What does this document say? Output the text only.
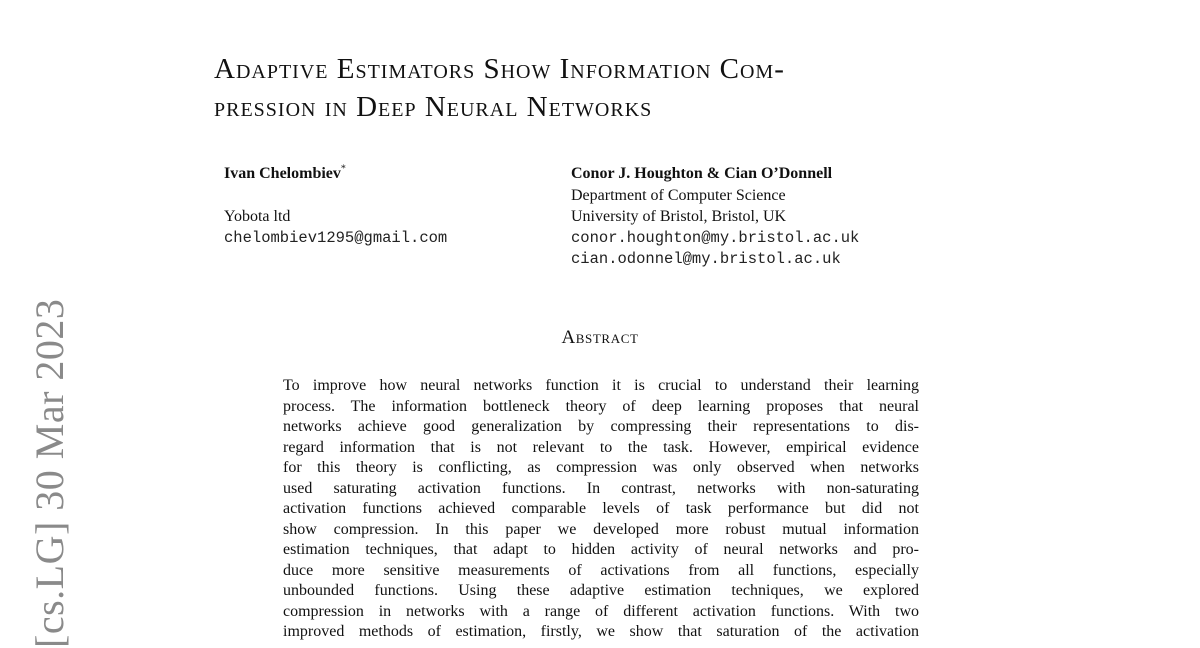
[cs.LG] 30 Mar 2023
Adaptive Estimators Show Information Com-
pression in Deep Neural Networks
Ivan Chelombiev*
Yobota ltd
chelombiev1295@gmail.com
Conor J. Houghton & Cian O’Donnell
Department of Computer Science
University of Bristol, Bristol, UK
conor.houghton@my.bristol.ac.uk
cian.odonnel@my.bristol.ac.uk
Abstract
To improve how neural networks function it is crucial to understand their learning
process. The information bottleneck theory of deep learning proposes that neural
networks achieve good generalization by compressing their representations to dis-
regard information that is not relevant to the task. However, empirical evidence
for this theory is conflicting, as compression was only observed when networks
used saturating activation functions. In contrast, networks with non-saturating
activation functions achieved comparable levels of task performance but did not
show compression. In this paper we developed more robust mutual information
estimation techniques, that adapt to hidden activity of neural networks and pro-
duce more sensitive measurements of activations from all functions, especially
unbounded functions. Using these adaptive estimation techniques, we explored
compression in networks with a range of different activation functions. With two
improved methods of estimation, firstly, we show that saturation of the activation
